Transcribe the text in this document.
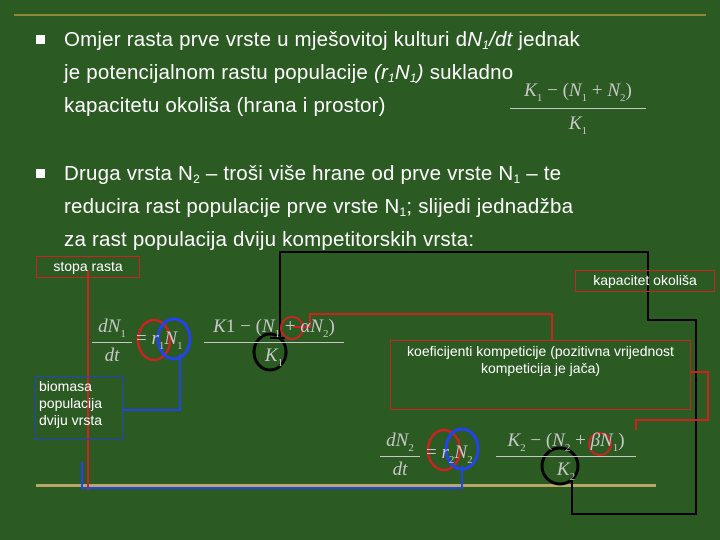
Omjer rasta prve vrste u mješovitoj kulturi $dN_1/dt$ jednak
je potencijalnom rastu populacije $(r_1N_1)$ sukladno
kapacitetu okoliša (hrana i prostor)
$K_1 - (N_1 + N_2)$
$K_1$
Druga vrsta $N_2$ – troši više hrane od prve vrste $N_1$ – te
reducira rast populacije prve vrste $N_1$; slijedi jednadžba
za rast populacija dviju kompetitorskih vrsta:
stopa rasta
kapacitet okoliša
biomasa populacija dviju vrsta
koeficijenti kompeticije (pozitivna vrijednost kompeticija je jača)
$dN_1$
dt
= $r_1N_1$
$K1 - (N_1 + \alpha N_2)$
$K_1$
$dN_2$
dt
= $r_2N_2$
$K_2 - (N_2 + \beta N_1)$
$K_2$
